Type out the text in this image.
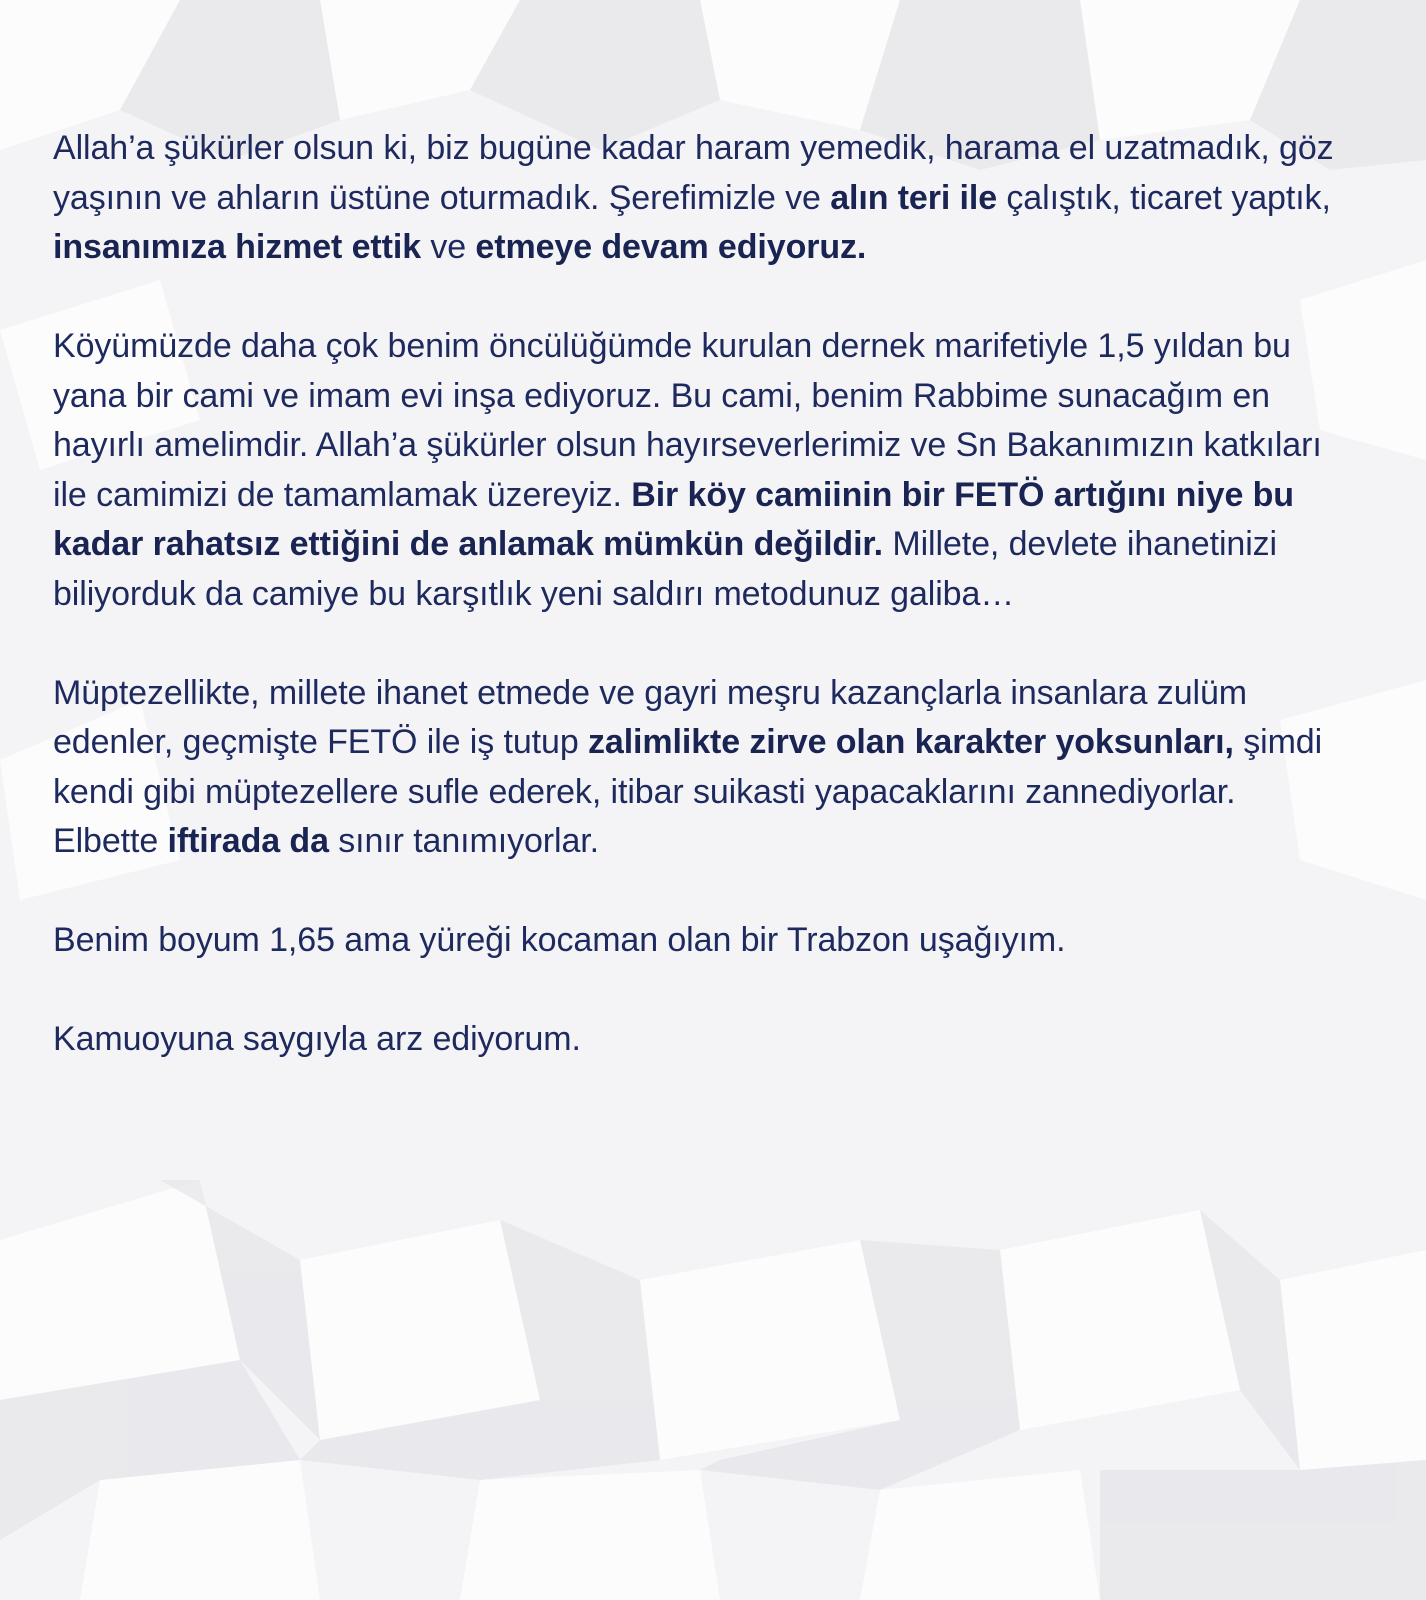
Allah’a şükürler olsun ki, biz bugüne kadar haram yemedik, harama el uzatmadık, göz yaşının ve ahların üstüne oturmadık. Şerefimizle ve alın teri ile çalıştık, ticaret yaptık, insanımıza hizmet ettik ve etmeye devam ediyoruz.

Köyümüzde daha çok benim öncülüğümde kurulan dernek marifetiyle 1,5 yıldan bu yana bir cami ve imam evi inşa ediyoruz. Bu cami, benim Rabbime sunacağım en hayırlı amelimdir. Allah’a şükürler olsun hayırseverlerimiz ve Sn Bakanımızın katkıları ile camimizi de tamamlamak üzereyiz. Bir köy camiinin bir FETÖ artığını niye bu kadar rahatsız ettiğini de anlamak mümkün değildir. Millete, devlete ihanetinizi biliyorduk da camiye bu karşıtlık yeni saldırı metodunuz galiba…

Müptezellikte, millete ihanet etmede ve gayri meşru kazançlarla insanlara zulüm edenler, geçmişte FETÖ ile iş tutup zalimlikte zirve olan karakter yoksunları, şimdi kendi gibi müptezellere sufle ederek, itibar suikasti yapacaklarını zannediyorlar.

Elbette iftirada da sınır tanımıyorlar.

Benim boyum 1,65 ama yüreği kocaman olan bir Trabzon uşağıyım.

Kamuoyuna saygıyla arz ediyorum.
